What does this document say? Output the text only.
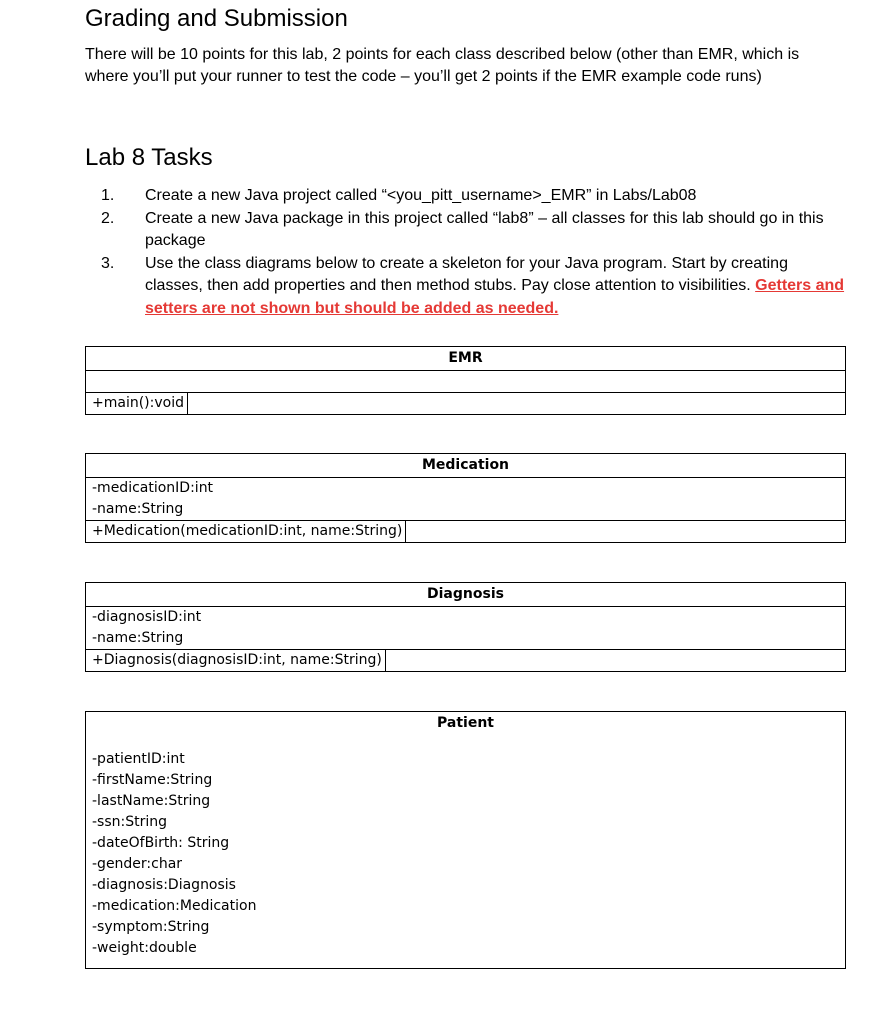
Grading and Submission

There will be 10 points for this lab, 2 points for each class described below (other than EMR, which is where you’ll put your runner to test the code – you’ll get 2 points if the EMR example code runs)

Lab 8 Tasks
1. Create a new Java project called “<you_pitt_username>_EMR” in Labs/Lab08
2. Create a new Java package in this project called “lab8” – all classes for this lab should go in this package
3. Use the class diagrams below to create a skeleton for your Java program. Start by creating classes, then add properties and then method stubs. Pay close attention to visibilities. Getters and setters are not shown but should be added as needed.
EMR
+main():void
Medication
-medicationID:int
-name:String
+Medication(medicationID:int, name:String)
Diagnosis
-diagnosisID:int
-name:String
+Diagnosis(diagnosisID:int, name:String)
Patient
-patientID:int
-firstName:String
-lastName:String
-ssn:String
-dateOfBirth: String
-gender:char
-diagnosis:Diagnosis
-medication:Medication
-symptom:String
-weight:double
